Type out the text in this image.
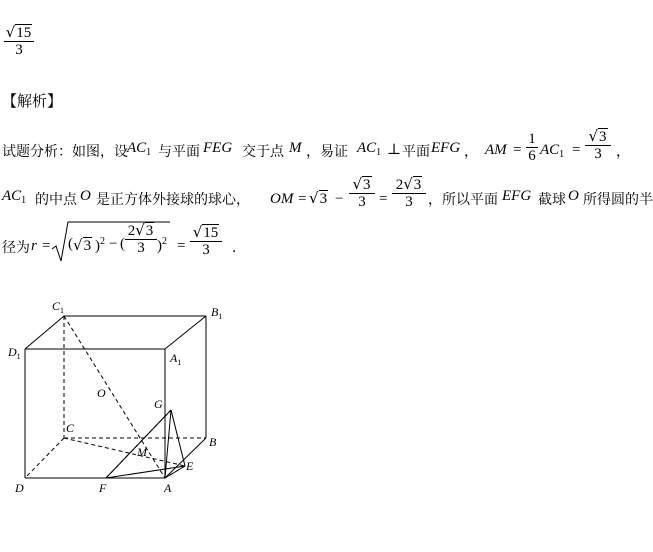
√15
3
【解析】
试题分析：如图，设 $AC_1$ 与平面 FEG 交于点 M ，易证 $AC_1$ ⊥ 平面 EFG ， AM =
1
6 $AC_1$ =
√3
3	，
$AC_1$ 的中点 O 是正方体外接球的球心， OM = √3 −
√3
3 =
2√3
3	，所以平面 EFG 截球 O 所得圆的半
径为 r = ( √3 )$^2$ − (
2√3
3 )$^2$ =
√15
3	．
$C_1$	$B_1$
$D_1$	$A_1$
O
G
C
B
M
E
D	F	A
